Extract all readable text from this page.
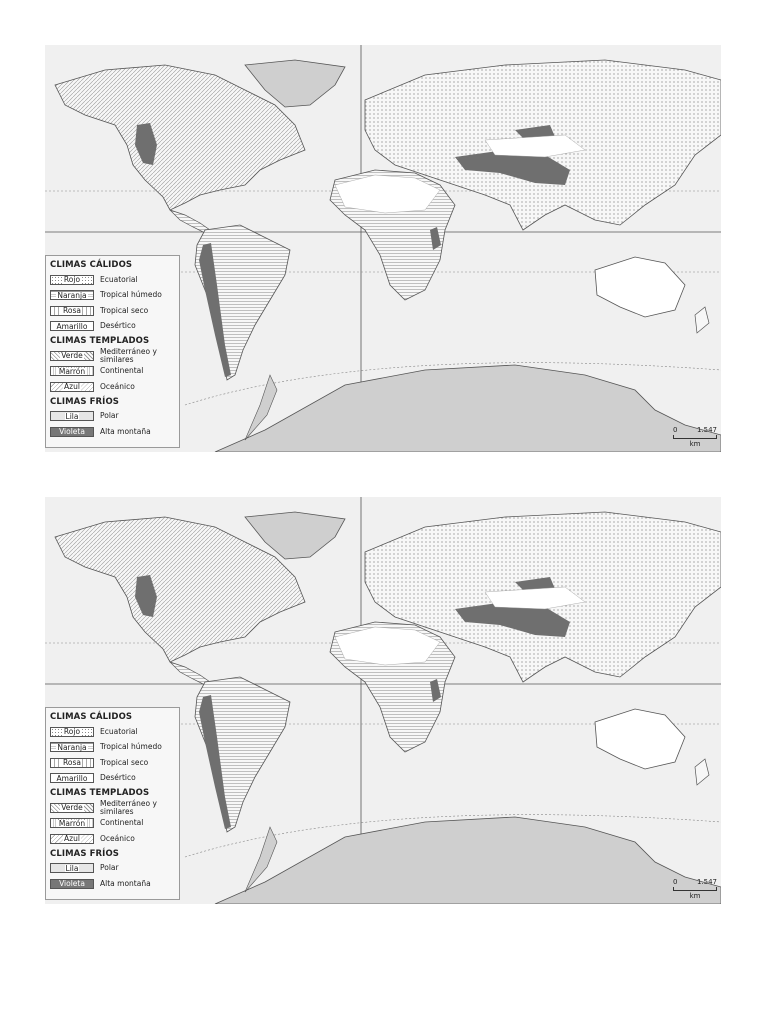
CLIMAS CÁLIDOS
Rojo	Ecuatorial
Naranja Tropical húmedo
Rosa	Tropical seco
Amarillo Desértico
CLIMAS TEMPLADOS
Verde Mediterráneo y similares
Marrón Continental
Azul	Oceánico
CLIMAS FRÍOS
Lila	Polar
Violeta Alta montaña	0	1.547
km
CLIMAS CÁLIDOS
Rojo	Ecuatorial
Naranja Tropical húmedo
Rosa	Tropical seco
Amarillo Desértico
CLIMAS TEMPLADOS
Verde Mediterráneo y similares
Marrón Continental
Azul	Oceánico
CLIMAS FRÍOS
Lila	Polar
Violeta Alta montaña	0	1.547
km
